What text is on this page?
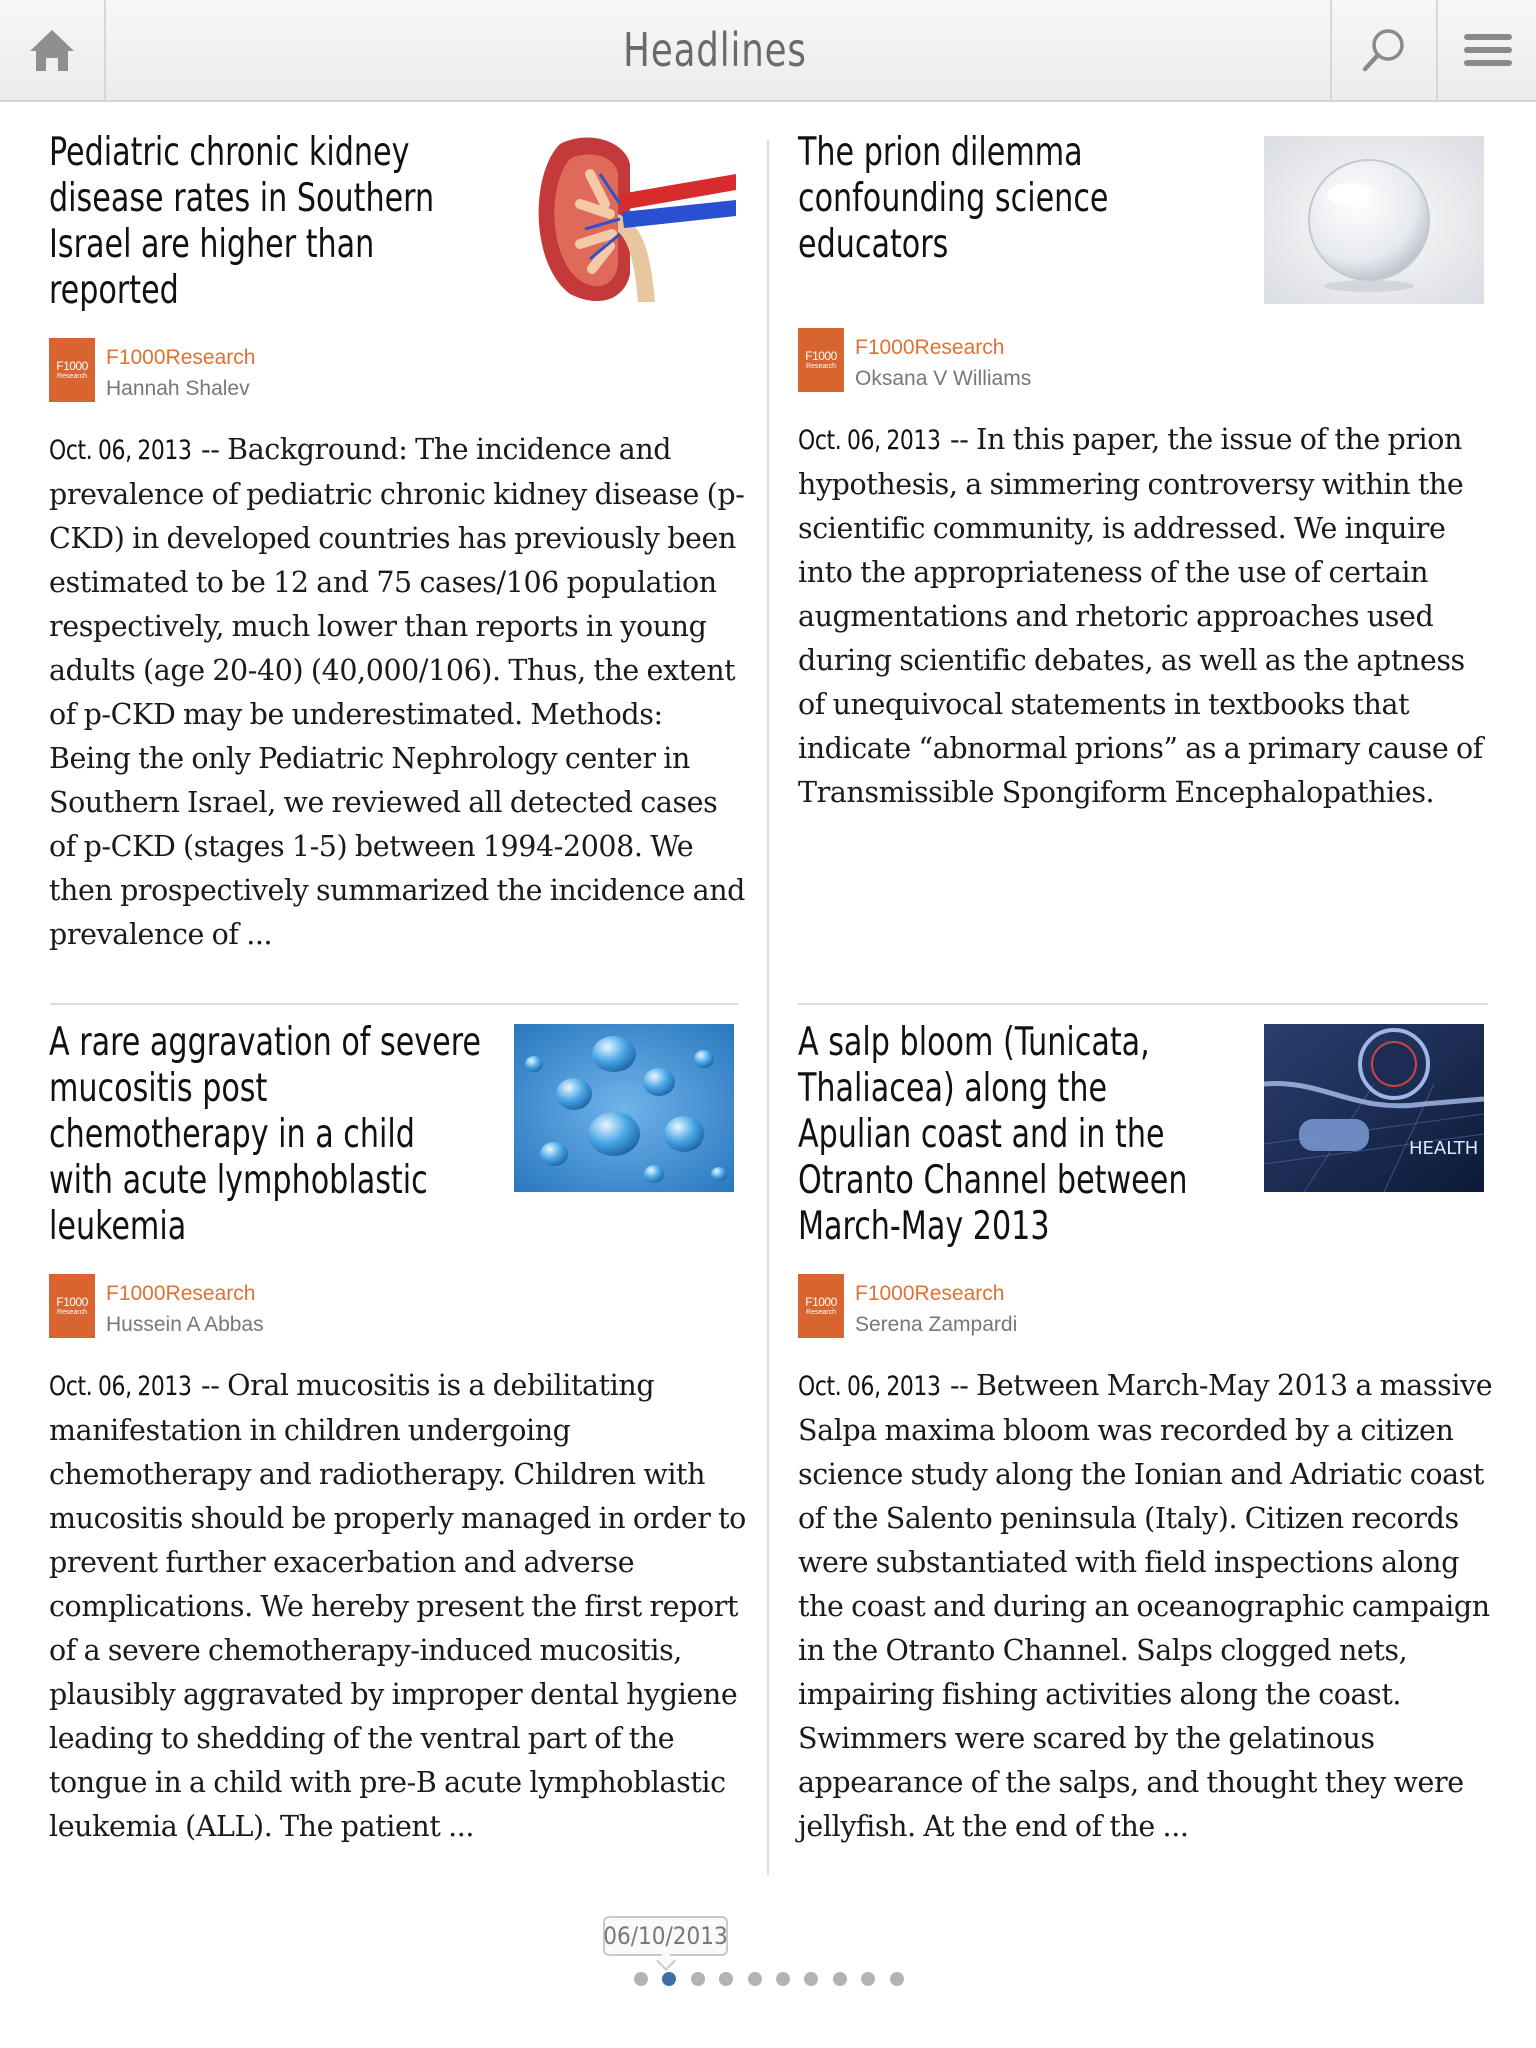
Headlines
Pediatric chronic kidney
disease rates in Southern
Israel are higher than
reported
F1000
Research
F1000Research
Hannah Shalev
Oct. 06, 2013 -- Background: The incidence and prevalence of pediatric chronic kidney disease (p-CKD) in developed countries has previously been estimated to be 12 and 75 cases/106 population respectively, much lower than reports in young adults (age 20-40) (40,000/106). Thus, the extent of p-CKD may be underestimated. Methods: Being the only Pediatric Nephrology center in Southern Israel, we reviewed all detected cases of p-CKD (stages 1-5) between 1994-2008. We then prospectively summarized the incidence and prevalence of ...
The prion dilemma
confounding science
educators
F1000
Research
F1000Research
Oksana V Williams
Oct. 06, 2013 -- In this paper, the issue of the prion hypothesis, a simmering controversy within the scientific community, is addressed. We inquire into the appropriateness of the use of certain augmentations and rhetoric approaches used during scientific debates, as well as the aptness of unequivocal statements in textbooks that indicate “abnormal prions” as a primary cause of Transmissible Spongiform Encephalopathies.
A rare aggravation of severe
mucositis post
chemotherapy in a child
with acute lymphoblastic
leukemia
F1000
Research
F1000Research
Hussein A Abbas
Oct. 06, 2013 -- Oral mucositis is a debilitating manifestation in children undergoing chemotherapy and radiotherapy. Children with mucositis should be properly managed in order to prevent further exacerbation and adverse complications. We hereby present the first report of a severe chemotherapy-induced mucositis, plausibly aggravated by improper dental hygiene leading to shedding of the ventral part of the tongue in a child with pre-B acute lymphoblastic leukemia (ALL). The patient ...
A salp bloom (Tunicata,
Thaliacea) along the
Apulian coast and in the
Otranto Channel between
March-May 2013
HEALTH
F1000
Research
F1000Research
Serena Zampardi
Oct. 06, 2013 -- Between March-May 2013 a massive Salpa maxima bloom was recorded by a citizen science study along the Ionian and Adriatic coast of the Salento peninsula (Italy). Citizen records were substantiated with field inspections along the coast and during an oceanographic campaign in the Otranto Channel. Salps clogged nets, impairing fishing activities along the coast. Swimmers were scared by the gelatinous appearance of the salps, and thought they were jellyfish. At the end of the ...
06/10/2013
